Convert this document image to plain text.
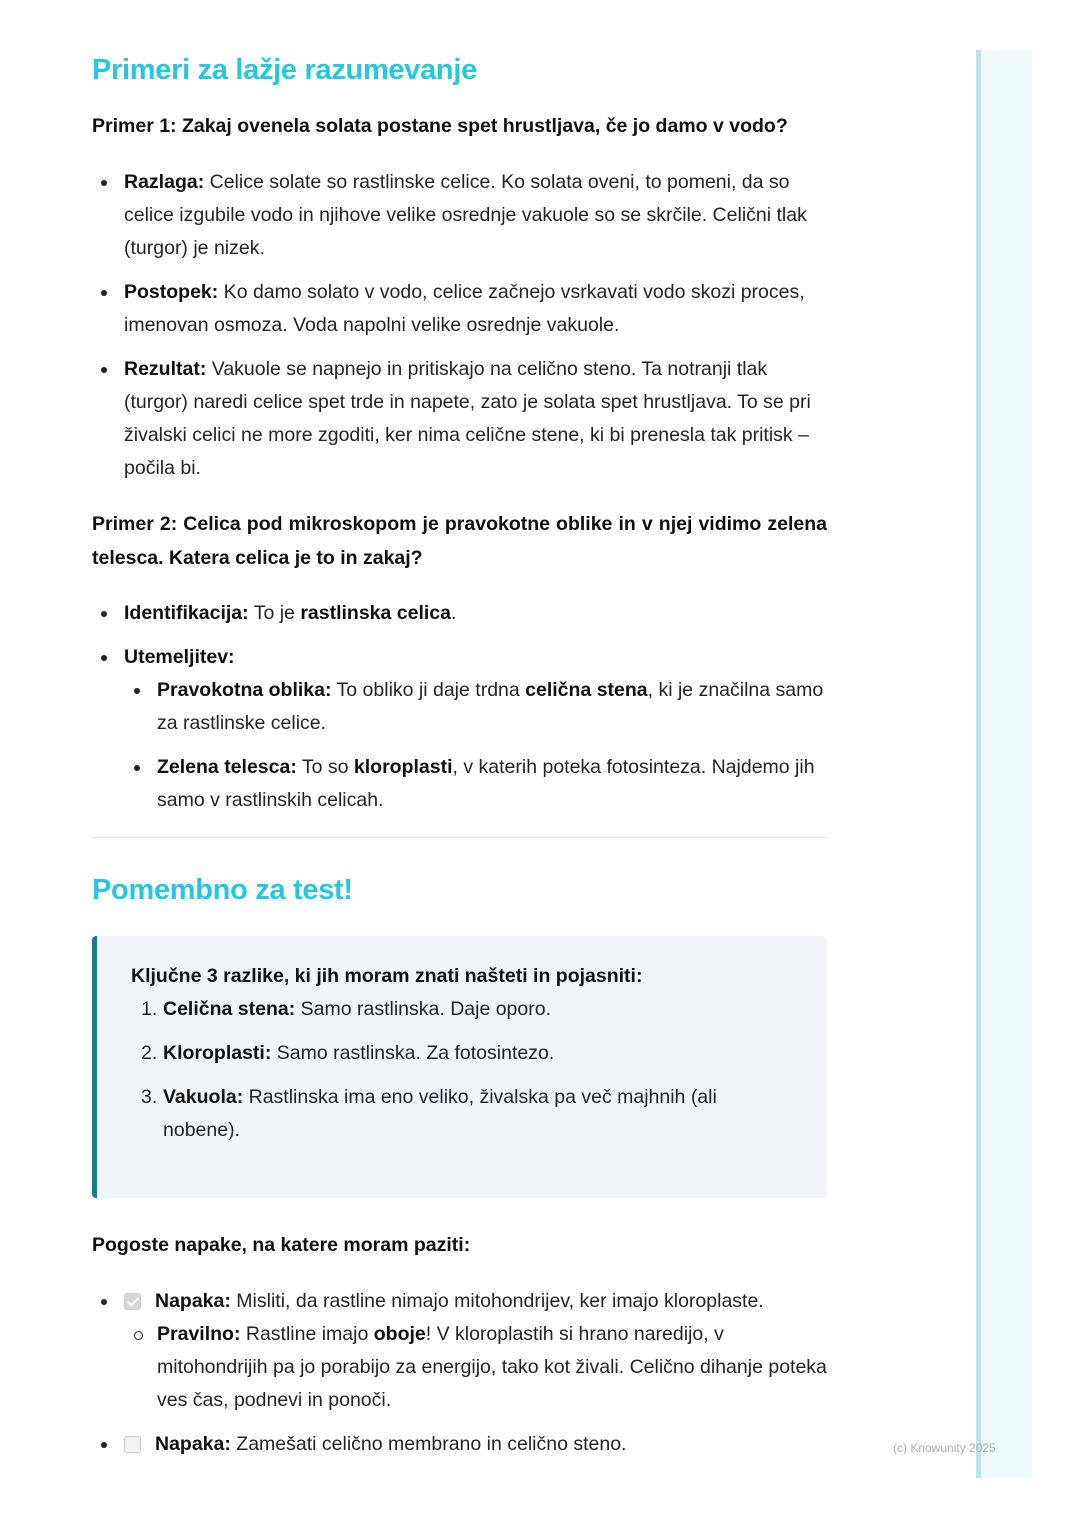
(c) Knowunity 2025
Primeri za lažje razumevanje

Primer 1: Zakaj ovenela solata postane spet hrustljava, če jo damo v vodo?

Razlaga: Celice solate so rastlinske celice. Ko solata oveni, to pomeni, da so celice izgubile vodo in njihove velike osrednje vakuole so se skrčile. Celični tlak (turgor) je nizek.
Postopek: Ko damo solato v vodo, celice začnejo vsrkavati vodo skozi proces, imenovan osmoza. Voda napolni velike osrednje vakuole.
Rezultat: Vakuole se napnejo in pritiskajo na celično steno. Ta notranji tlak (turgor) naredi celice spet trde in napete, zato je solata spet hrustljava. To se pri živalski celici ne more zgoditi, ker nima celične stene, ki bi prenesla tak pritisk – počila bi.

Primer 2: Celica pod mikroskopom je pravokotne oblike in v njej vidimo zelena telesca. Katera celica je to in zakaj?

Identifikacija: To je rastlinska celica.
Utemeljitev:
Pravokotna oblika: To obliko ji daje trdna celična stena, ki je značilna samo za rastlinske celice.
Zelena telesca: To so kloroplasti, v katerih poteka fotosinteza. Najdemo jih samo v rastlinskih celicah.
Pomembno za test!

Ključne 3 razlike, ki jih moram znati našteti in pojasniti:

1. Celična stena: Samo rastlinska. Daje oporo.
2. Kloroplasti: Samo rastlinska. Za fotosintezo.
3. Vakuola: Rastlinska ima eno veliko, živalska pa več majhnih (ali nobene).

Pogoste napake, na katere moram paziti:

Napaka: Misliti, da rastline nimajo mitohondrijev, ker imajo kloroplaste.
Pravilno: Rastline imajo oboje! V kloroplastih si hrano naredijo, v mitohondrijih pa jo porabijo za energijo, tako kot živali. Celično dihanje poteka ves čas, podnevi in ponoči.
Napaka: Zamešati celično membrano in celično steno.
